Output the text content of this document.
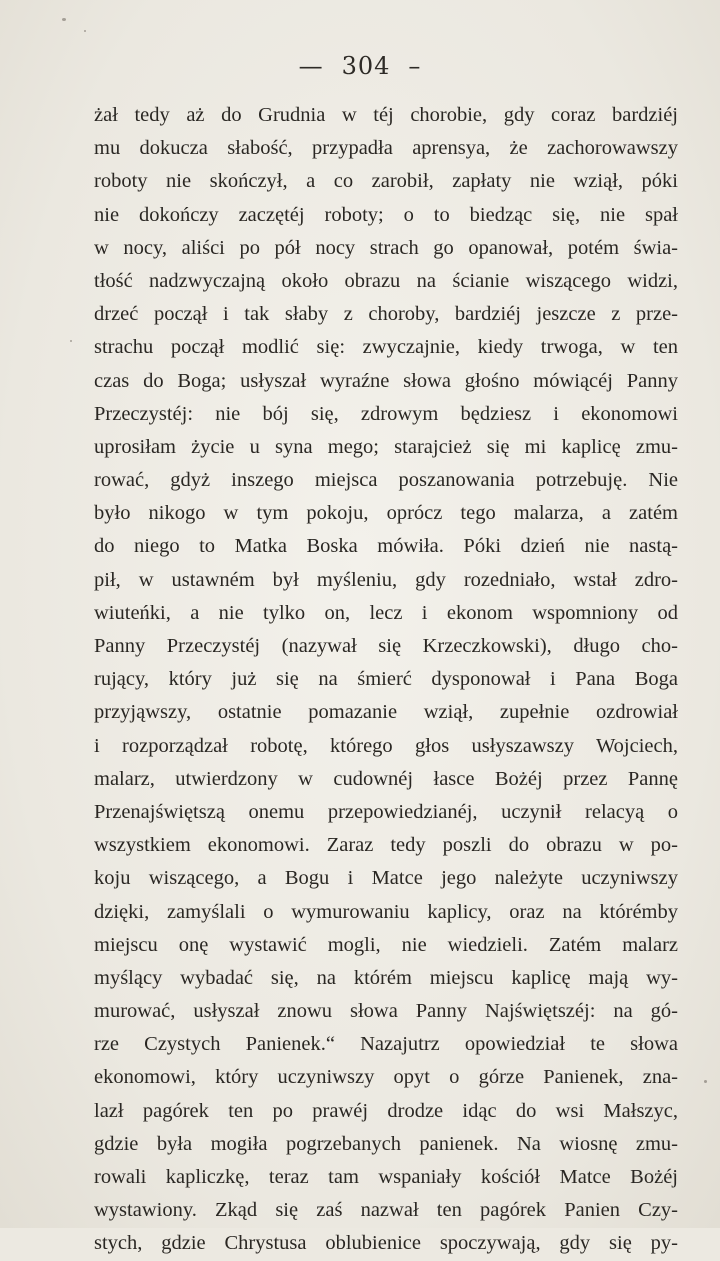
— 304 –
żał tedy aż do Grudnia w téj chorobie, gdy coraz bardziéj
mu dokucza słabość, przypadła aprensya, że zachorowawszy
roboty nie skończył, a co zarobił, zapłaty nie wziął, póki
nie dokończy zaczętéj roboty; o to biedząc się, nie spał
w nocy, aliści po pół nocy strach go opanował, potém świa-
tłość nadzwyczajną około obrazu na ścianie wiszącego widzi,
drzeć począł i tak słaby z choroby, bardziéj jeszcze z prze-
strachu począł modlić się: zwyczajnie, kiedy trwoga, w ten
czas do Boga; usłyszał wyraźne słowa głośno mówiącéj Panny
Przeczystéj: nie bój się, zdrowym będziesz i ekonomowi
uprosiłam życie u syna mego; starajcież się mi kaplicę zmu-
rować, gdyż inszego miejsca poszanowania potrzebuję. Nie
było nikogo w tym pokoju, oprócz tego malarza, a zatém
do niego to Matka Boska mówiła. Póki dzień nie nastą-
pił, w ustawném był myśleniu, gdy rozedniało, wstał zdro-
wiuteńki, a nie tylko on, lecz i ekonom wspomniony od
Panny Przeczystéj (nazywał się Krzeczkowski), długo cho-
rujący, który już się na śmierć dysponował i Pana Boga
przyjąwszy, ostatnie pomazanie wziął, zupełnie ozdrowiał
i rozporządzał robotę, którego głos usłyszawszy Wojciech,
malarz, utwierdzony w cudownéj łasce Bożéj przez Pannę
Przenajświętszą onemu przepowiedzianéj, uczynił relacyą o
wszystkiem ekonomowi. Zaraz tedy poszli do obrazu w po-
koju wiszącego, a Bogu i Matce jego należyte uczyniwszy
dzięki, zamyślali o wymurowaniu kaplicy, oraz na którémby
miejscu onę wystawić mogli, nie wiedzieli. Zatém malarz
myślący wybadać się, na którém miejscu kaplicę mają wy-
murować, usłyszał znowu słowa Panny Najświętszéj: na gó-
rze Czystych Panienek.“ Nazajutrz opowiedział te słowa
ekonomowi, który uczyniwszy opyt o górze Panienek, zna-
lazł pagórek ten po prawéj drodze idąc do wsi Małszyc,
gdzie była mogiła pogrzebanych panienek. Na wiosnę zmu-
rowali kapliczkę, teraz tam wspaniały kościół Matce Bożéj
wystawiony. Zkąd się zaś nazwał ten pagórek Panien Czy-
stych, gdzie Chrystusa oblubienice spoczywają, gdy się py-
